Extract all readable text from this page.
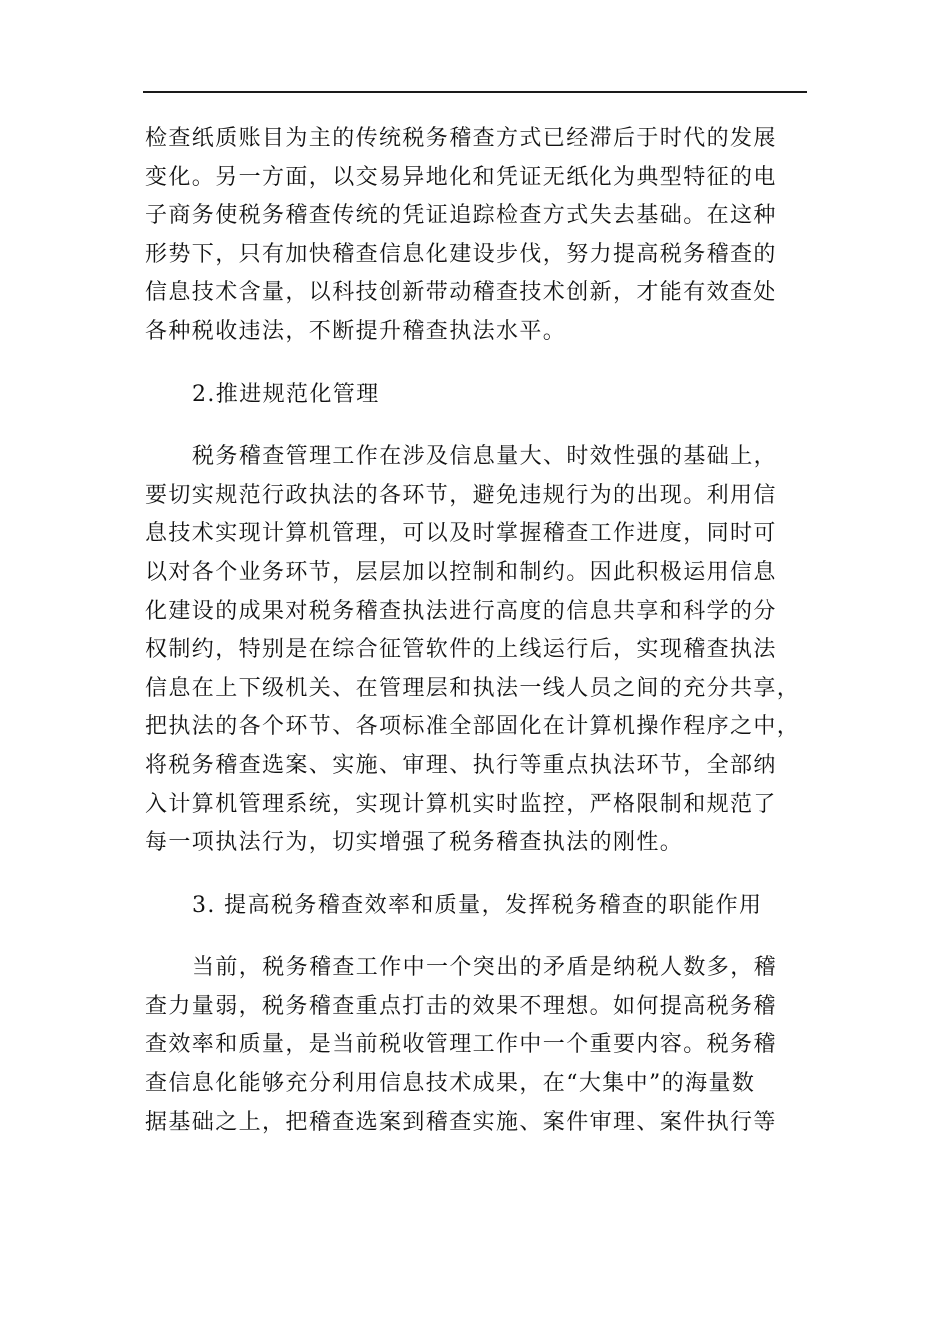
检查纸质账目为主的传统税务稽查方式已经滞后于时代的发展
变化。另一方面，以交易异地化和凭证无纸化为典型特征的电
子商务使税务稽查传统的凭证追踪检查方式失去基础。在这种
形势下，只有加快稽查信息化建设步伐，努力提高税务稽查的
信息技术含量，以科技创新带动稽查技术创新，才能有效查处
各种税收违法，不断提升稽查执法水平。
2.推进规范化管理
税务稽查管理工作在涉及信息量大、时效性强的基础上，
要切实规范行政执法的各环节，避免违规行为的出现。利用信
息技术实现计算机管理，可以及时掌握稽查工作进度，同时可
以对各个业务环节，层层加以控制和制约。因此积极运用信息
化建设的成果对税务稽查执法进行高度的信息共享和科学的分
权制约，特别是在综合征管软件的上线运行后，实现稽查执法
信息在上下级机关、在管理层和执法一线人员之间的充分共享，
把执法的各个环节、各项标准全部固化在计算机操作程序之中，
将税务稽查选案、实施、审理、执行等重点执法环节，全部纳
入计算机管理系统，实现计算机实时监控，严格限制和规范了
每一项执法行为，切实增强了税务稽查执法的刚性。
3. 提高税务稽查效率和质量，发挥税务稽查的职能作用
当前，税务稽查工作中一个突出的矛盾是纳税人数多，稽
查力量弱，税务稽查重点打击的效果不理想。如何提高税务稽
查效率和质量，是当前税收管理工作中一个重要内容。税务稽
查信息化能够充分利用信息技术成果，在“大集中”的海量数
据基础之上，把稽查选案到稽查实施、案件审理、案件执行等
